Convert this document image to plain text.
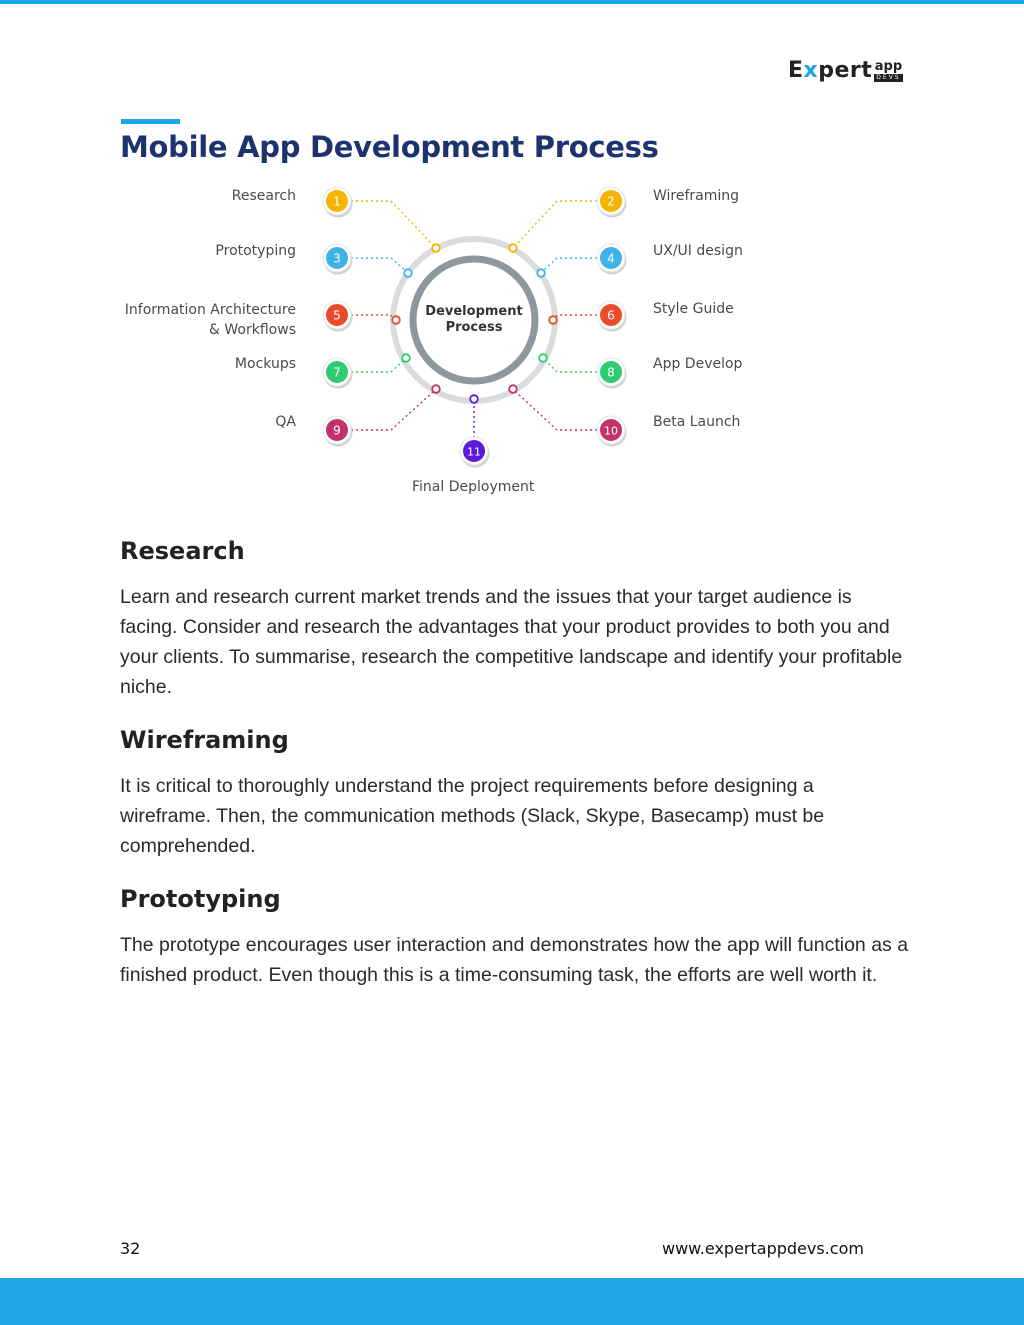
Expert app
DEVS
Mobile App Development Process
Development
Process
1	2
3	4
5	6
7	8
9	10
11
Research	Wireframing
Prototyping	UX/UI design
Information Architecture
& Workflows
Style Guide
Mockups	App Develop
QA	Beta Launch
Final Deployment
Research

Learn and research current market trends and the issues that your target audience is facing. Consider and research the advantages that your product provides to both you and your clients. To summarise, research the competitive landscape and identify your profitable niche.

Wireframing

It is critical to thoroughly understand the project requirements before designing a wireframe. Then, the communication methods (Slack, Skype, Basecamp) must be comprehended.

Prototyping

The prototype encourages user interaction and demonstrates how the app will function as a finished product. Even though this is a time-consuming task, the efforts are well worth it.

32	www.expertappdevs.com
